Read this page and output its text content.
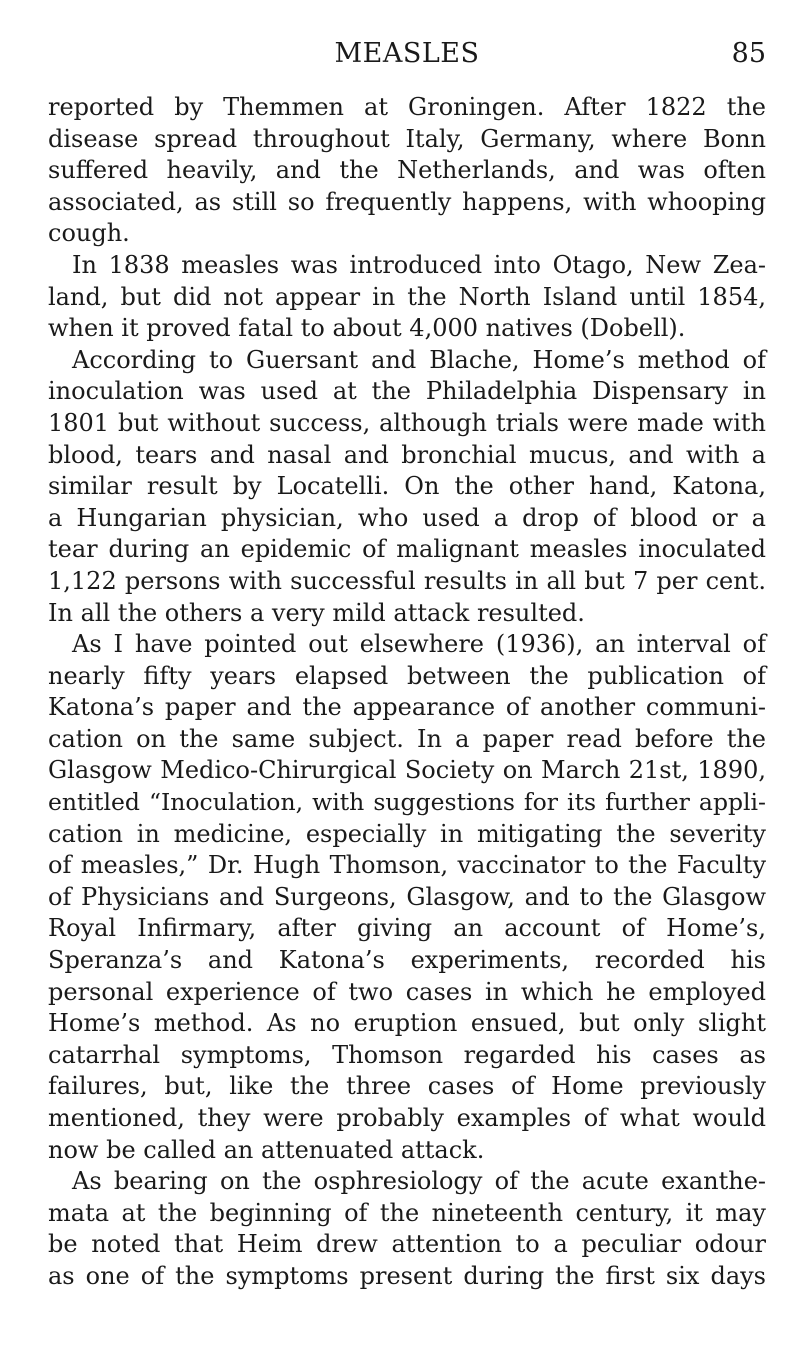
MEASLES	85
reported by Themmen at Groningen. After 1822 the
disease spread throughout Italy, Germany, where Bonn
suffered heavily, and the Netherlands, and was often
associated, as still so frequently happens, with whooping
cough.
In 1838 measles was introduced into Otago, New Zea-
land, but did not appear in the North Island until 1854,
when it proved fatal to about 4,000 natives (Dobell).
According to Guersant and Blache, Home’s method of
inoculation was used at the Philadelphia Dispensary in
1801 but without success, although trials were made with
blood, tears and nasal and bronchial mucus, and with a
similar result by Locatelli. On the other hand, Katona,
a Hungarian physician, who used a drop of blood or a
tear during an epidemic of malignant measles inoculated
1,122 persons with successful results in all but 7 per cent.
In all the others a very mild attack resulted.
As I have pointed out elsewhere (1936), an interval of
nearly fifty years elapsed between the publication of
Katona’s paper and the appearance of another communi-
cation on the same subject. In a paper read before the
Glasgow Medico-Chirurgical Society on March 21st, 1890,
entitled “Inoculation, with suggestions for its further appli-
cation in medicine, especially in mitigating the severity
of measles,” Dr. Hugh Thomson, vaccinator to the Faculty
of Physicians and Surgeons, Glasgow, and to the Glasgow
Royal Infirmary, after giving an account of Home’s,
Speranza’s and Katona’s experiments, recorded his
personal experience of two cases in which he employed
Home’s method. As no eruption ensued, but only slight
catarrhal symptoms, Thomson regarded his cases as
failures, but, like the three cases of Home previously
mentioned, they were probably examples of what would
now be called an attenuated attack.
As bearing on the osphresiology of the acute exanthe-
mata at the beginning of the nineteenth century, it may
be noted that Heim drew attention to a peculiar odour
as one of the symptoms present during the first six days
